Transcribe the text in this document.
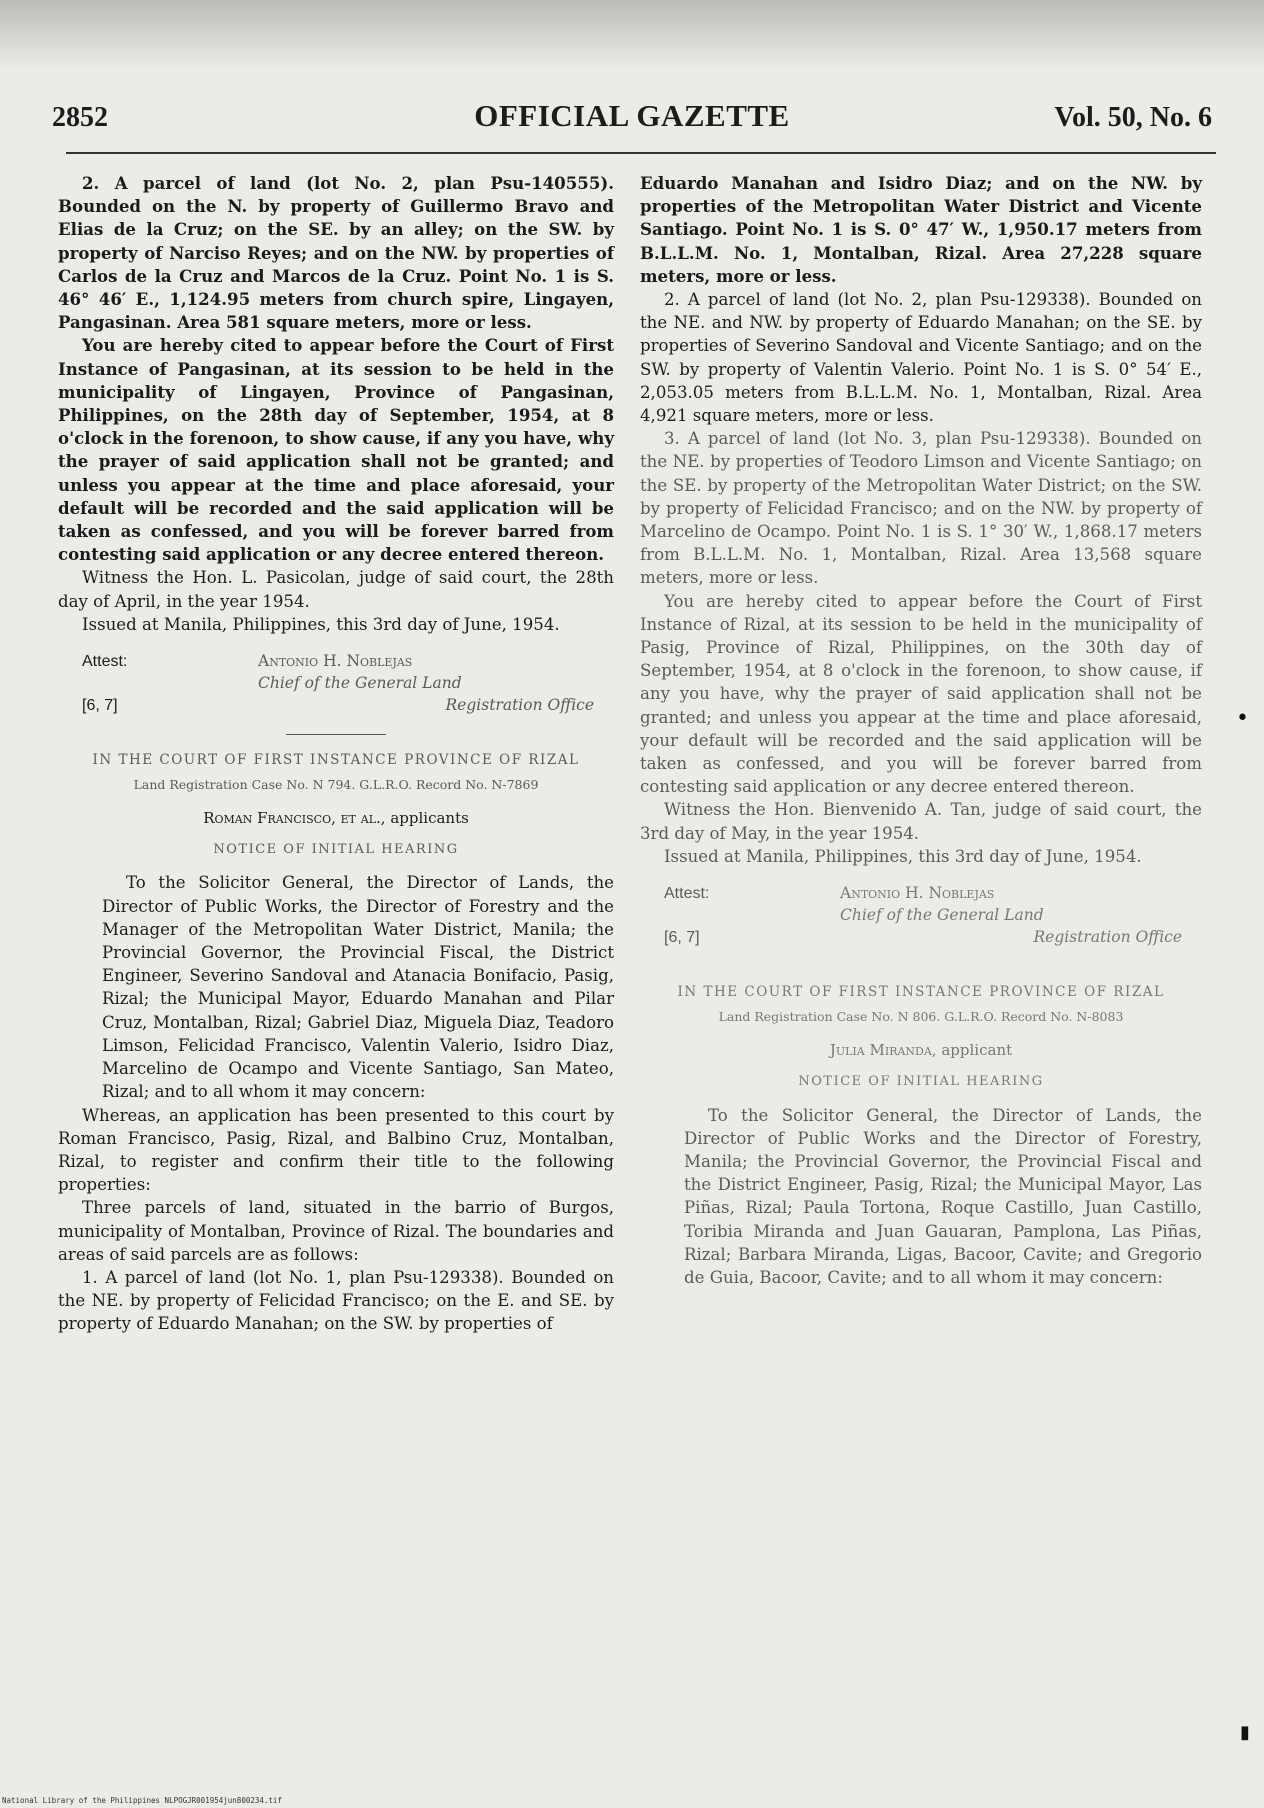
2852	OFFICIAL GAZETTE	Vol. 50, No. 6

2. A parcel of land (lot No. 2, plan Psu-140555). Bounded on the N. by property of Guillermo Bravo and Elias de la Cruz; on the SE. by an alley; on the SW. by property of Narciso Reyes; and on the NW. by properties of Carlos de la Cruz and Marcos de la Cruz. Point No. 1 is S. 46° 46′ E., 1,124.95 meters from church spire, Lingayen, Pangasinan. Area 581 square meters, more or less.

You are hereby cited to appear before the Court of First Instance of Pangasinan, at its session to be held in the municipality of Lingayen, Province of Pangasinan, Philippines, on the 28th day of September, 1954, at 8 o'clock in the forenoon, to show cause, if any you have, why the prayer of said application shall not be granted; and unless you appear at the time and place aforesaid, your default will be recorded and the said application will be taken as confessed, and you will be forever barred from contesting said application or any decree entered thereon.

Witness the Hon. L. Pasicolan, judge of said court, the 28th day of April, in the year 1954.

Issued at Manila, Philippines, this 3rd day of June, 1954.

Attest:	Antonio H. Noblejas
Chief of the General Land
Registration Office
[6, 7]
IN THE COURT OF FIRST INSTANCE PROVINCE OF RIZAL
Land Registration Case No. N 794. G.L.R.O. Record No. N-7869
Roman Francisco, et al., applicants
NOTICE OF INITIAL HEARING

To the Solicitor General, the Director of Lands, the Director of Public Works, the Director of Forestry and the Manager of the Metropolitan Water District, Manila; the Provincial Governor, the Provincial Fiscal, the District Engineer, Severino Sandoval and Atanacia Bonifacio, Pasig, Rizal; the Municipal Mayor, Eduardo Manahan and Pilar Cruz, Montalban, Rizal; Gabriel Diaz, Miguela Diaz, Teadoro Limson, Felicidad Francisco, Valentin Valerio, Isidro Diaz, Marcelino de Ocampo and Vicente Santiago, San Mateo, Rizal; and to all whom it may concern:

Whereas, an application has been presented to this court by Roman Francisco, Pasig, Rizal, and Balbino Cruz, Montalban, Rizal, to register and confirm their title to the following properties:

Three parcels of land, situated in the barrio of Burgos, municipality of Montalban, Province of Rizal. The boundaries and areas of said parcels are as follows:

1. A parcel of land (lot No. 1, plan Psu-129338). Bounded on the NE. by property of Felicidad Francisco; on the E. and SE. by property of Eduardo Manahan; on the SW. by properties of

Eduardo Manahan and Isidro Diaz; and on the NW. by properties of the Metropolitan Water District and Vicente Santiago. Point No. 1 is S. 0° 47′ W., 1,950.17 meters from B.L.L.M. No. 1, Montalban, Rizal. Area 27,228 square meters, more or less.

2. A parcel of land (lot No. 2, plan Psu-129338). Bounded on the NE. and NW. by property of Eduardo Manahan; on the SE. by properties of Severino Sandoval and Vicente Santiago; and on the SW. by property of Valentin Valerio. Point No. 1 is S. 0° 54′ E., 2,053.05 meters from B.L.L.M. No. 1, Montalban, Rizal. Area 4,921 square meters, more or less.

3. A parcel of land (lot No. 3, plan Psu-129338). Bounded on the NE. by properties of Teodoro Limson and Vicente Santiago; on the SE. by property of the Metropolitan Water District; on the SW. by property of Felicidad Francisco; and on the NW. by property of Marcelino de Ocampo. Point No. 1 is S. 1° 30′ W., 1,868.17 meters from B.L.L.M. No. 1, Montalban, Rizal. Area 13,568 square meters, more or less.

You are hereby cited to appear before the Court of First Instance of Rizal, at its session to be held in the municipality of Pasig, Province of Rizal, Philippines, on the 30th day of September, 1954, at 8 o'clock in the forenoon, to show cause, if any you have, why the prayer of said application shall not be granted; and unless you appear at the time and place aforesaid, your default will be recorded and the said application will be taken as confessed, and you will be forever barred from contesting said application or any decree entered thereon.

Witness the Hon. Bienvenido A. Tan, judge of said court, the 3rd day of May, in the year 1954.

Issued at Manila, Philippines, this 3rd day of June, 1954.

Attest:	Antonio H. Noblejas
Chief of the General Land
Registration Office
[6, 7]
IN THE COURT OF FIRST INSTANCE PROVINCE OF RIZAL
Land Registration Case No. N 806. G.L.R.O. Record No. N-8083
Julia Miranda, applicant
NOTICE OF INITIAL HEARING

To the Solicitor General, the Director of Lands, the Director of Public Works and the Director of Forestry, Manila; the Provincial Governor, the Provincial Fiscal and the District Engineer, Pasig, Rizal; the Municipal Mayor, Las Piñas, Rizal; Paula Tortona, Roque Castillo, Juan Castillo, Toribia Miranda and Juan Gauaran, Pamplona, Las Piñas, Rizal; Barbara Miranda, Ligas, Bacoor, Cavite; and Gregorio de Guia, Bacoor, Cavite; and to all whom it may concern:

•
▮
National Library of the Philippines NLPOGJR001954jun800234.tif
